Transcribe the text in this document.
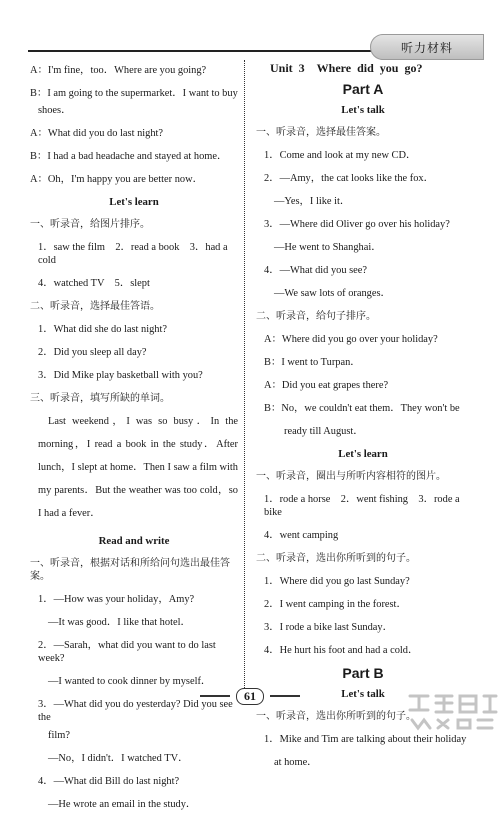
听力材料
A：I'm fine，too．Where are you going?
B：I am going to the supermarket．I want to buy
shoes．
A：What did you do last night?
B：I had a bad headache and stayed at home．
A：Oh，I'm happy you are better now．
Let's learn
一、听录音，给图片排序。
1．saw the film　2．read a book　3．had a cold
4．watched TV　5．slept
二、听录音，选择最佳答语。
1．What did she do last night?
2．Did you sleep all day?
3．Did Mike play basketball with you?
三、听录音，填写所缺的单词。
Last weekend，I was so busy．In the morning，I read a book in the study．After lunch，I slept at home．Then I saw a film with my parents．But the weather was too cold，so I had a fever．
Read and write
一、听录音，根据对话和所给问句选出最佳答案。
1．—How was your holiday，Amy?
—It was good．I like that hotel．
2．—Sarah，what did you want to do last week?
—I wanted to cook dinner by myself．
3．—What did you do yesterday? Did you see the
film?
—No，I didn't．I watched TV．
4．—What did Bill do last night?
—He wrote an email in the study．
Unit 3　Where did you go?
Part A
Let's talk
一、听录音，选择最佳答案。
1．Come and look at my new CD．
2．—Amy，the cat looks like the fox．
—Yes，I like it．
3．—Where did Oliver go over his holiday?
—He went to Shanghai．
4．—What did you see?
—We saw lots of oranges．
二、听录音，给句子排序。
A：Where did you go over your holiday?
B：I went to Turpan．
A：Did you eat grapes there?
B：No，we couldn't eat them．They won't be ready till August．
Let's learn
一、听录音，圈出与所听内容相符的图片。
1．rode a horse　2．went fishing　3．rode a bike
4．went camping
二、听录音，选出你所听到的句子。
1．Where did you go last Sunday?
2．I went camping in the forest．
3．I rode a bike last Sunday．
4．He hurt his foot and had a cold．
Part B
Let's talk
一、听录音，选出你所听到的句子。
1．Mike and Tim are talking about their holiday at home．
61
